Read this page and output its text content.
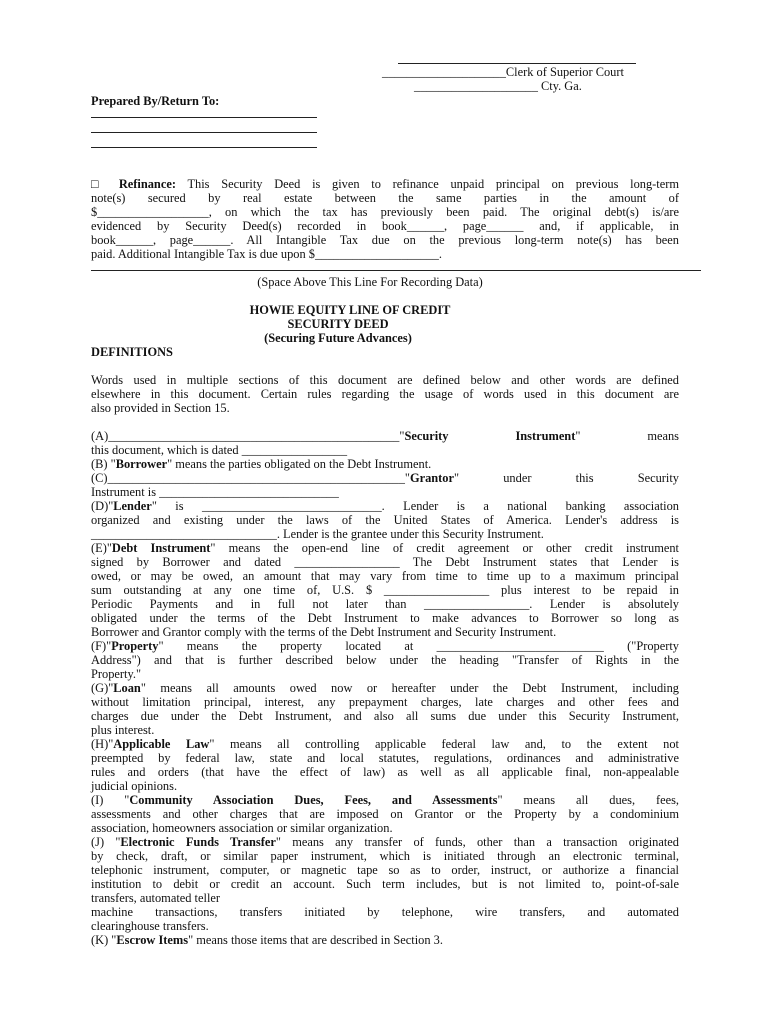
____________________Clerk of Superior Court
____________________ Cty. Ga.
Prepared By/Return To:
□ Refinance: This Security Deed is given to refinance unpaid principal on previous long-term
note(s) secured by real estate between the same parties in the amount of
$__________________, on which the tax has previously been paid. The original debt(s) is/are
evidenced by Security Deed(s) recorded in book______, page______ and, if applicable, in
book______, page______. All Intangible Tax due on the previous long-term note(s) has been
paid. Additional Intangible Tax is due upon $____________________.
(Space Above This Line For Recording Data)
HOWIE EQUITY LINE OF CREDIT
SECURITY DEED
(Securing Future Advances)
DEFINITIONS
Words used in multiple sections of this document are defined below and other words are defined
elsewhere in this document. Certain rules regarding the usage of words used in this document are
also provided in Section 15.
(A)_______________________________________________"Security Instrument" means
this document, which is dated _________________
(B) "Borrower" means the parties obligated on the Debt Instrument.
(C)________________________________________________"Grantor" under this Security
Instrument is _____________________________
(D)"Lender" is _____________________________. Lender is a national banking association
organized and existing under the laws of the United States of America. Lender's address is
______________________________. Lender is the grantee under this Security Instrument.
(E)"Debt Instrument" means the open-end line of credit agreement or other credit instrument
signed by Borrower and dated _________________ The Debt Instrument states that Lender is
owed, or may be owed, an amount that may vary from time to time up to a maximum principal
sum outstanding at any one time of, U.S. $ _________________ plus interest to be repaid in
Periodic Payments and in full not later than _________________. Lender is absolutely
obligated under the terms of the Debt Instrument to make advances to Borrower so long as
Borrower and Grantor comply with the terms of the Debt Instrument and Security Instrument.
(F)"Property" means the property located at ___________________________ ("Property
Address") and that is further described below under the heading "Transfer of Rights in the
Property."
(G)"Loan" means all amounts owed now or hereafter under the Debt Instrument, including
without limitation principal, interest, any prepayment charges, late charges and other fees and
charges due under the Debt Instrument, and also all sums due under this Security Instrument,
plus interest.
(H)"Applicable Law" means all controlling applicable federal law and, to the extent not
preempted by federal law, state and local statutes, regulations, ordinances and administrative
rules and orders (that have the effect of law) as well as all applicable final, non-appealable
judicial opinions.
(I) "Community Association Dues, Fees, and Assessments" means all dues, fees,
assessments and other charges that are imposed on Grantor or the Property by a condominium
association, homeowners association or similar organization.
(J) "Electronic Funds Transfer" means any transfer of funds, other than a transaction originated
by check, draft, or similar paper instrument, which is initiated through an electronic terminal,
telephonic instrument, computer, or magnetic tape so as to order, instruct, or authorize a financial
institution to debit or credit an account. Such term includes, but is not limited to, point-of-sale
transfers, automated teller
machine transactions, transfers initiated by telephone, wire transfers, and automated
clearinghouse transfers.
(K) "Escrow Items" means those items that are described in Section 3.
